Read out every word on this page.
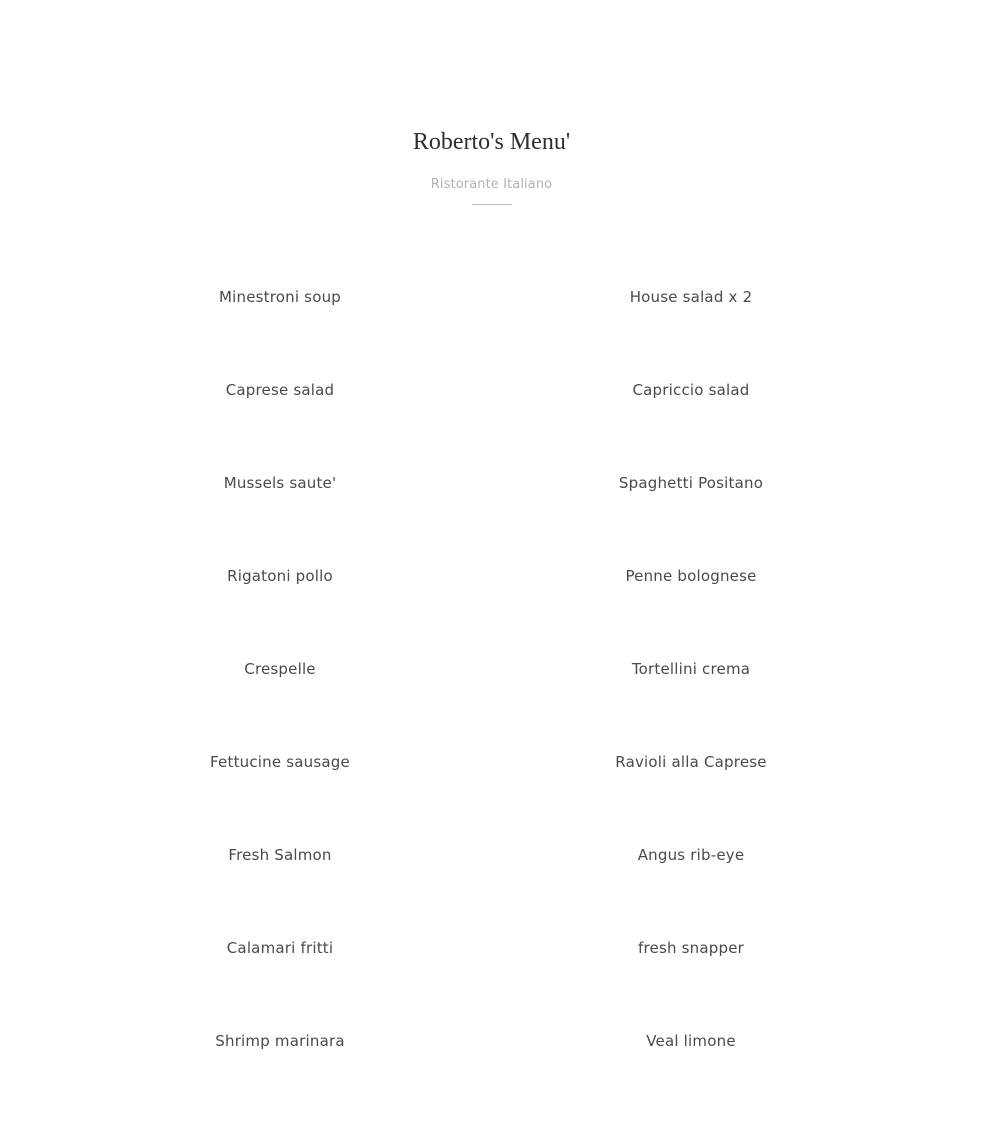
Roberto's Menu'
Ristorante Italiano
Minestroni soup	House salad x 2
Caprese salad	Capriccio salad
Mussels saute'	Spaghetti Positano
Rigatoni pollo	Penne bolognese
Crespelle	Tortellini crema
Fettucine sausage	Ravioli alla Caprese
Fresh Salmon	Angus rib-eye
Calamari fritti	fresh snapper
Shrimp marinara	Veal limone
